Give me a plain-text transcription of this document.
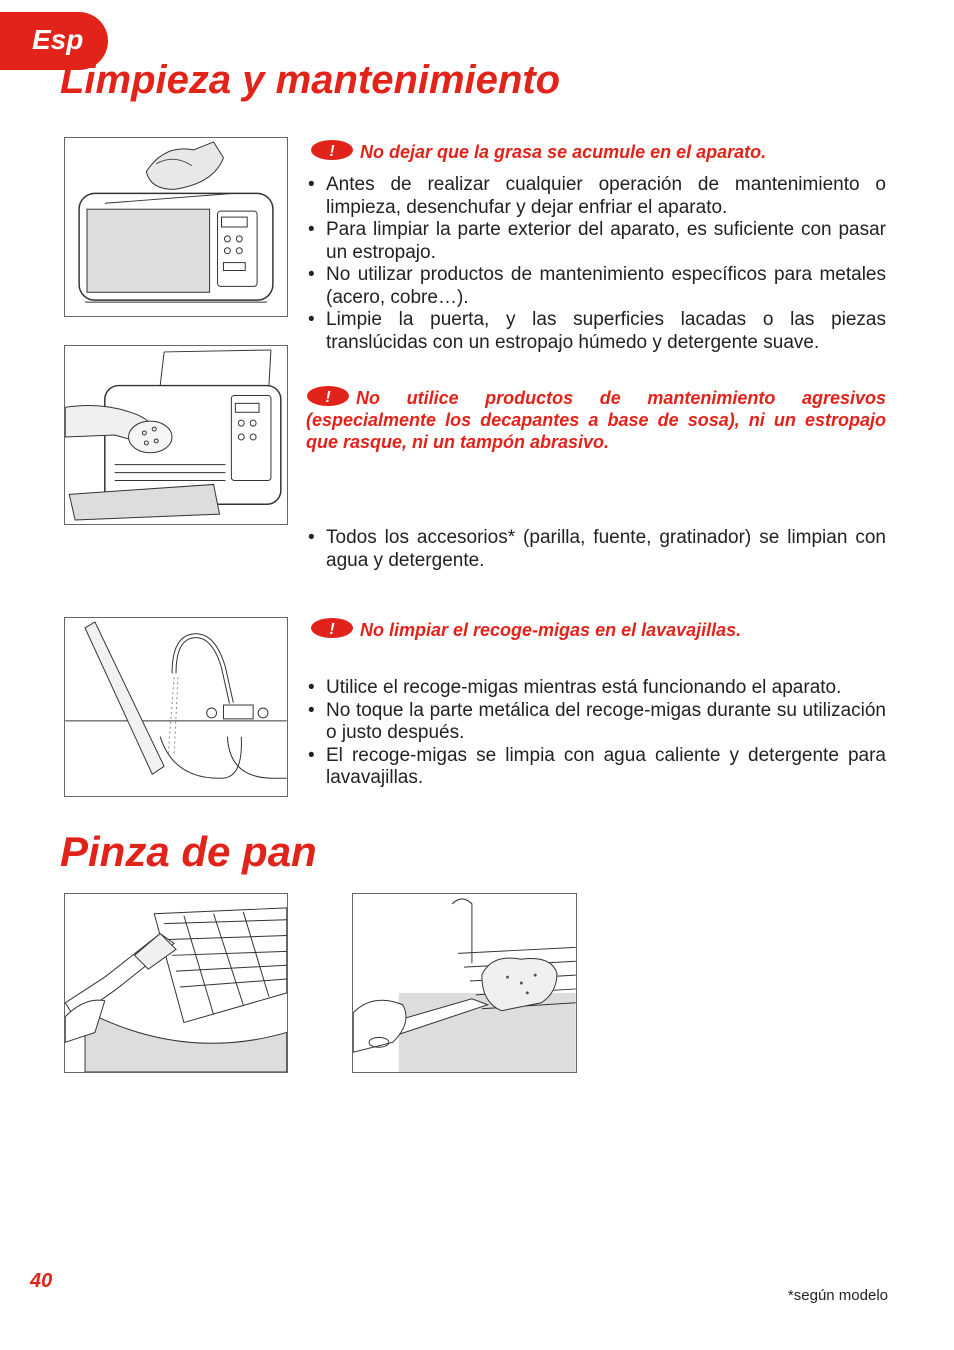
Esp
Limpieza y mantenimiento
! No dejar que la grasa se acumule en el aparato.
• Antes de realizar cualquier operación de mantenimiento o limpieza, desenchufar y dejar enfriar el aparato.
• Para limpiar la parte exterior del aparato, es suficiente con pasar un estropajo.
• No utilizar productos de mantenimiento específicos para metales (acero, cobre…).
• Limpie la puerta, y las superficies lacadas o las piezas translúcidas con un estropajo húmedo y detergente suave.
! No utilice productos de mantenimiento agresivos (especialmente los decapantes a base de sosa), ni un estropajo que rasque, ni un tampón abrasivo.
• Todos los accesorios* (parilla, fuente, gratinador) se limpian con agua y detergente.
! No limpiar el recoge-migas en el lavavajillas.
• Utilice el recoge-migas mientras está funcionando el aparato.
• No toque la parte metálica del recoge-migas durante su utilización o justo después.
• El recoge-migas se limpia con agua caliente y detergente para lavavajillas.
Pinza de pan
40
*según modelo
